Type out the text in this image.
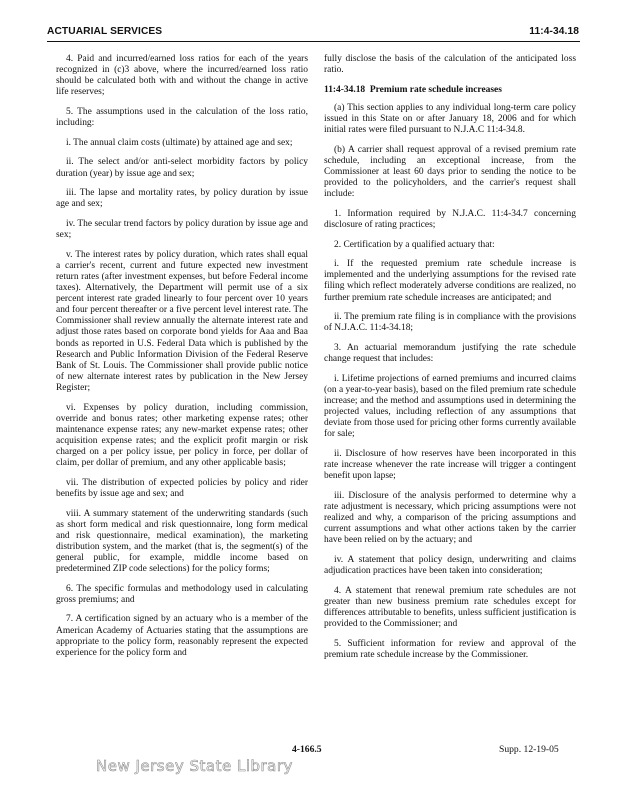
ACTUARIAL SERVICES	11:4-34.18

4. Paid and incurred/earned loss ratios for each of the years recognized in (c)3 above, where the incurred/earned loss ratio should be calculated both with and without the change in active life reserves;

5. The assumptions used in the calculation of the loss ratio, including:

i. The annual claim costs (ultimate) by attained age and sex;

ii. The select and/or anti-select morbidity factors by policy duration (year) by issue age and sex;

iii. The lapse and mortality rates, by policy duration by issue age and sex;

iv. The secular trend factors by policy duration by issue age and sex;

v. The interest rates by policy duration, which rates shall equal a carrier's recent, current and future expected new investment return rates (after investment expenses, but before Federal income taxes). Alternatively, the Department will permit use of a six percent interest rate graded linearly to four percent over 10 years and four percent thereafter or a five percent level interest rate. The Commissioner shall review annually the alternate interest rate and adjust those rates based on corporate bond yields for Aaa and Baa bonds as reported in U.S. Federal Data which is published by the Research and Public Information Division of the Federal Reserve Bank of St. Louis. The Commissioner shall provide public notice of new alternate interest rates by publication in the New Jersey Register;

vi. Expenses by policy duration, including commission, override and bonus rates; other marketing expense rates; other maintenance expense rates; any new-market expense rates; other acquisition expense rates; and the explicit profit margin or risk charged on a per policy issue, per policy in force, per dollar of claim, per dollar of premium, and any other applicable basis;

vii. The distribution of expected policies by policy and rider benefits by issue age and sex; and

viii. A summary statement of the underwriting standards (such as short form medical and risk questionnaire, long form medical and risk questionnaire, medical examination), the marketing distribution system, and the market (that is, the segment(s) of the general public, for example, middle income based on predetermined ZIP code selections) for the policy forms;

6. The specific formulas and methodology used in calculating gross premiums; and

7. A certification signed by an actuary who is a member of the American Academy of Actuaries stating that the assumptions are appropriate to the policy form, reasonably represent the expected experience for the policy form and

fully disclose the basis of the calculation of the anticipated loss ratio.

11:4-34.18 Premium rate schedule increases

(a) This section applies to any individual long-term care policy issued in this State on or after January 18, 2006 and for which initial rates were filed pursuant to N.J.A.C 11:4-34.8.

(b) A carrier shall request approval of a revised premium rate schedule, including an exceptional increase, from the Commissioner at least 60 days prior to sending the notice to be provided to the policyholders, and the carrier's request shall include:

1. Information required by N.J.A.C. 11:4-34.7 concerning disclosure of rating practices;

2. Certification by a qualified actuary that:

i. If the requested premium rate schedule increase is implemented and the underlying assumptions for the revised rate filing which reflect moderately adverse conditions are realized, no further premium rate schedule increases are anticipated; and

ii. The premium rate filing is in compliance with the provisions of N.J.A.C. 11:4-34.18;

3. An actuarial memorandum justifying the rate schedule change request that includes:

i. Lifetime projections of earned premiums and incurred claims (on a year-to-year basis), based on the filed premium rate schedule increase; and the method and assumptions used in determining the projected values, including reflection of any assumptions that deviate from those used for pricing other forms currently available for sale;

ii. Disclosure of how reserves have been incorporated in this rate increase whenever the rate increase will trigger a contingent benefit upon lapse;

iii. Disclosure of the analysis performed to determine why a rate adjustment is necessary, which pricing assumptions were not realized and why, a comparison of the pricing assumptions and current assumptions and what other actions taken by the carrier have been relied on by the actuary; and

iv. A statement that policy design, underwriting and claims adjudication practices have been taken into consideration;

4. A statement that renewal premium rate schedules are not greater than new business premium rate schedules except for differences attributable to benefits, unless sufficient justification is provided to the Commissioner; and

5. Sufficient information for review and approval of the premium rate schedule increase by the Commissioner.

4-166.5	Supp. 12-19-05
New Jersey State Library
